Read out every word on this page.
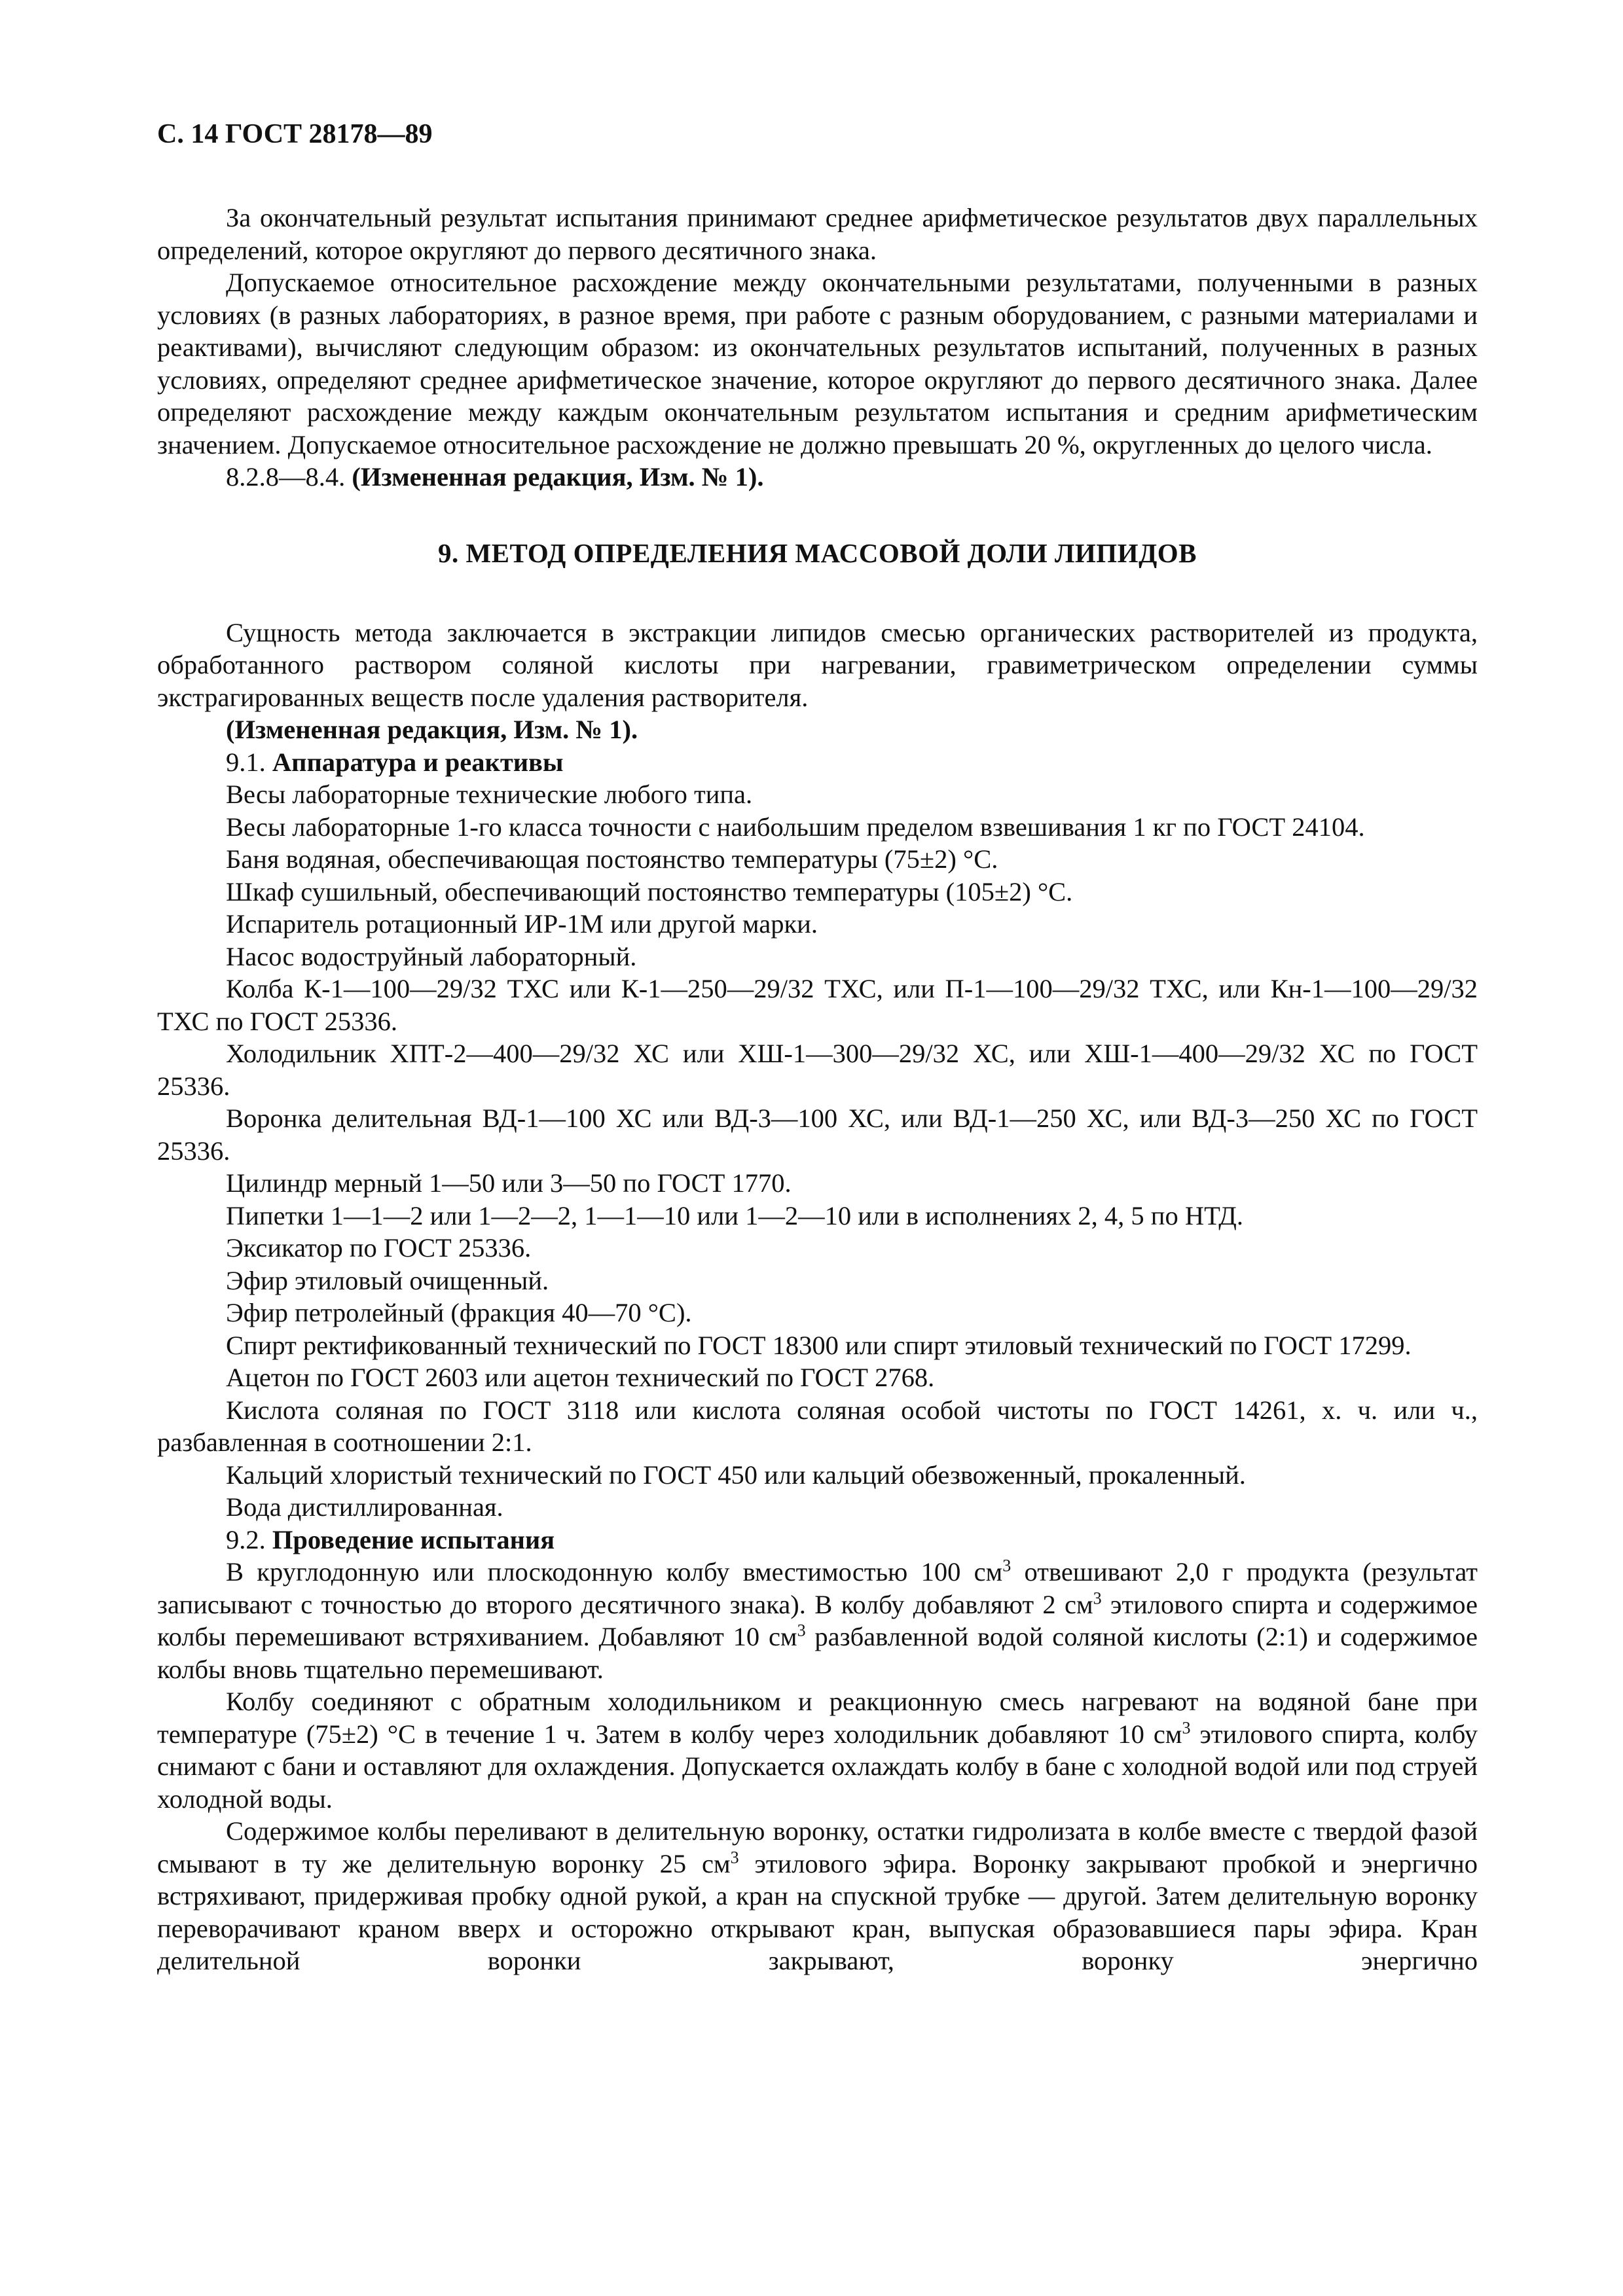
С. 14 ГОСТ 28178—89

За окончательный результат испытания принимают среднее арифметическое результатов двух параллельных определений, которое округляют до первого десятичного знака.

Допускаемое относительное расхождение между окончательными результатами, полученными в разных условиях (в разных лабораториях, в разное время, при работе с разным оборудованием, с разными материалами и реактивами), вычисляют следующим образом: из окончательных результатов испытаний, полученных в разных условиях, определяют среднее арифметическое значение, которое округляют до первого десятичного знака. Далее определяют расхождение между каждым окончательным результатом испытания и средним арифметическим значением. Допускаемое относительное расхождение не должно превышать 20 %, округленных до целого числа.

8.2.8—8.4. (Измененная редакция, Изм. № 1).

9. МЕТОД ОПРЕДЕЛЕНИЯ МАССОВОЙ ДОЛИ ЛИПИДОВ

Сущность метода заключается в экстракции липидов смесью органических растворителей из продукта, обработанного раствором соляной кислоты при нагревании, гравиметрическом определении суммы экстрагированных веществ после удаления растворителя.

(Измененная редакция, Изм. № 1).

9.1. Аппаратура и реактивы

Весы лабораторные технические любого типа.

Весы лабораторные 1-го класса точности с наибольшим пределом взвешивания 1 кг по ГОСТ 24104.

Баня водяная, обеспечивающая постоянство температуры (75±2) °С.

Шкаф сушильный, обеспечивающий постоянство температуры (105±2) °С.

Испаритель ротационный ИР-1М или другой марки.

Насос водоструйный лабораторный.

Колба К-1—100—29/32 ТХС или К-1—250—29/32 ТХС, или П-1—100—29/32 ТХС, или Кн-1—100—29/32 ТХС по ГОСТ 25336.

Холодильник ХПТ-2—400—29/32 ХС или ХШ-1—300—29/32 ХС, или ХШ-1—400—29/32 ХС по ГОСТ 25336.

Воронка делительная ВД-1—100 ХС или ВД-3—100 ХС, или ВД-1—250 ХС, или ВД-3—250 ХС по ГОСТ 25336.

Цилиндр мерный 1—50 или 3—50 по ГОСТ 1770.

Пипетки 1—1—2 или 1—2—2, 1—1—10 или 1—2—10 или в исполнениях 2, 4, 5 по НТД.

Эксикатор по ГОСТ 25336.

Эфир этиловый очищенный.

Эфир петролейный (фракция 40—70 °С).

Спирт ректификованный технический по ГОСТ 18300 или спирт этиловый технический по ГОСТ 17299.

Ацетон по ГОСТ 2603 или ацетон технический по ГОСТ 2768.

Кислота соляная по ГОСТ 3118 или кислота соляная особой чистоты по ГОСТ 14261, х. ч. или ч., разбавленная в соотношении 2:1.

Кальций хлористый технический по ГОСТ 450 или кальций обезвоженный, прокаленный.

Вода дистиллированная.

9.2. Проведение испытания

В круглодонную или плоскодонную колбу вместимостью 100 $см^3$ отвешивают 2,0 г продукта (результат записывают с точностью до второго десятичного знака). В колбу добавляют 2 $см^3$ этилового спирта и содержимое колбы перемешивают встряхиванием. Добавляют 10 $см^3$ разбавленной водой соляной кислоты (2:1) и содержимое колбы вновь тщательно перемешивают.

Колбу соединяют с обратным холодильником и реакционную смесь нагревают на водяной бане при температуре (75±2) °С в течение 1 ч. Затем в колбу через холодильник добавляют 10 $см^3$ этилового спирта, колбу снимают с бани и оставляют для охлаждения. Допускается охлаждать колбу в бане с холодной водой или под струей холодной воды.

Содержимое колбы переливают в делительную воронку, остатки гидролизата в колбе вместе с твердой фазой смывают в ту же делительную воронку 25 $см^3$ этилового эфира. Воронку закрывают пробкой и энергично встряхивают, придерживая пробку одной рукой, а кран на спускной трубке — другой. Затем делительную воронку переворачивают краном вверх и осторожно открывают кран, выпуская образовавшиеся пары эфира. Кран делительной воронки закрывают, воронку энергично
